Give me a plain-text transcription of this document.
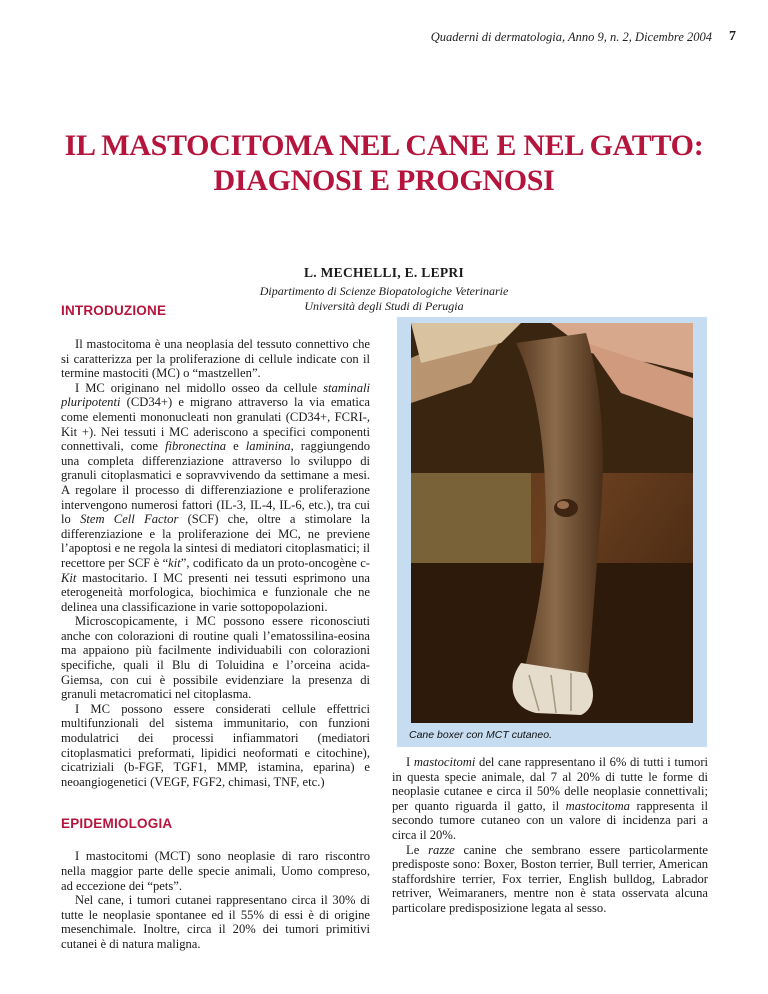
Quaderni di dermatologia, Anno 9, n. 2, Dicembre 2004 7
IL MASTOCITOMA NEL CANE E NEL GATTO:
DIAGNOSI E PROGNOSI
L. MECHELLI, E. LEPRI
Dipartimento di Scienze Biopatologiche Veterinarie
Università degli Studi di Perugia
INTRODUZIONE

Il mastocitoma è una neoplasia del tessuto connettivo che si caratterizza per la proliferazione di cellule indicate con il termine mastociti (MC) o “mastzellen”.

I MC originano nel midollo osseo da cellule staminali pluripotenti (CD34+) e migrano attraverso la via ematica come elementi mononucleati non granulati (CD34+, FCRI-, Kit +). Nei tessuti i MC aderiscono a specifici componenti connettivali, come fibronectina e laminina, raggiungendo una completa differenziazione attraverso lo sviluppo di granuli citoplasmatici e sopravvivendo da settimane a mesi. A regolare il processo di differenziazione e proliferazione intervengono numerosi fattori (IL-3, IL-4, IL-6, etc.), tra cui lo Stem Cell Factor (SCF) che, oltre a stimolare la differenziazione e la proliferazione dei MC, ne previene l’apoptosi e ne regola la sintesi di mediatori citoplasmatici; il recettore per SCF è “kit”, codificato da un proto-oncogène c-Kit mastocitario. I MC presenti nei tessuti esprimono una eterogeneità morfologica, biochimica e funzionale che ne delinea una classificazione in varie sottopopolazioni.

Microscopicamente, i MC possono essere riconosciuti anche con colorazioni di routine quali l’ematossilina-eosina ma appaiono più facilmente individuabili con colorazioni specifiche, quali il Blu di Toluidina e l’orceina acida-Giemsa, con cui è possibile evidenziare la presenza di granuli metacromatici nel citoplasma.

I MC possono essere considerati cellule effettrici multifunzionali del sistema immunitario, con funzioni modulatrici dei processi infiammatori (mediatori citoplasmatici preformati, lipidici neoformati e citochine), cicatriziali (b-FGF, TGF1, MMP, istamina, eparina) e neoangiogenetici (VEGF, FGF2, chimasi, TNF, etc.)

EPIDEMIOLOGIA

I mastocitomi (MCT) sono neoplasie di raro riscontro nella maggior parte delle specie animali, Uomo compreso, ad eccezione dei “pets”.

Nel cane, i tumori cutanei rappresentano circa il 30% di tutte le neoplasie spontanee ed il 55% di essi è di origine mesenchimale. Inoltre, circa il 20% dei tumori primitivi cutanei è di natura maligna.

Cane boxer con MCT cutaneo.

I mastocitomi del cane rappresentano il 6% di tutti i tumori in questa specie animale, dal 7 al 20% di tutte le forme di neoplasie cutanee e circa il 50% delle neoplasie connettivali; per quanto riguarda il gatto, il mastocitoma rappresenta il secondo tumore cutaneo con un valore di incidenza pari a circa il 20%.

Le razze canine che sembrano essere particolarmente predisposte sono: Boxer, Boston terrier, Bull terrier, American staffordshire terrier, Fox terrier, English bulldog, Labrador retriver, Weimaraners, mentre non è stata osservata alcuna particolare predisposizione legata al sesso.
